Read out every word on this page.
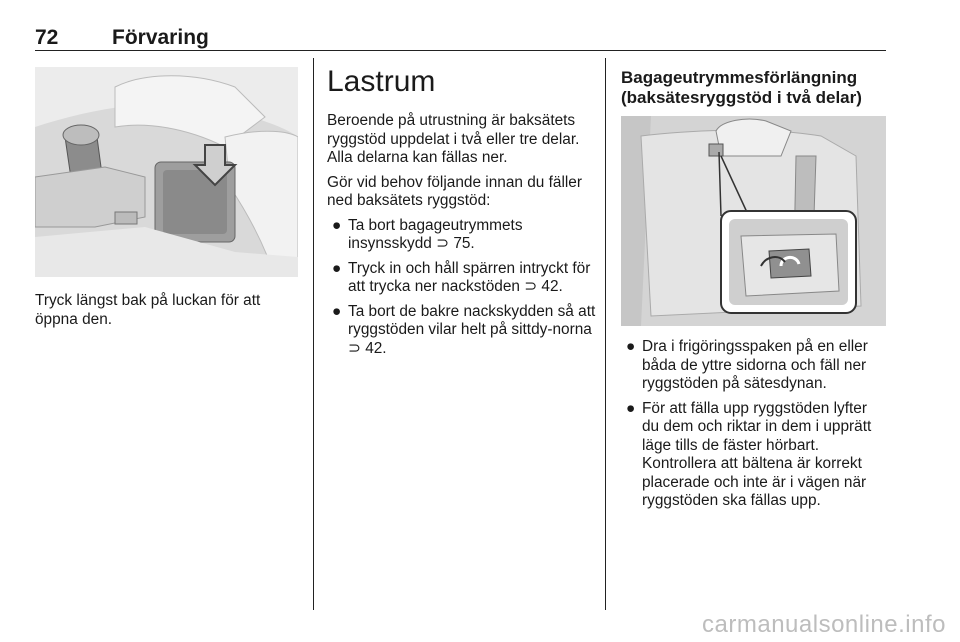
72	Förvaring

Tryck längst bak på luckan för att öppna den.

Lastrum

Beroende på utrustning är baksätets ryggstöd uppdelat i två eller tre delar. Alla delarna kan fällas ner.

Gör vid behov följande innan du fäller ned baksätets ryggstöd:

● Ta bort bagageutrymmets insynsskydd ⊃ 75.
● Tryck in och håll spärren intryckt för att trycka ner nackstöden ⊃ 42.
● Ta bort de bakre nackskydden så att ryggstöden vilar helt på sittdy-norna ⊃ 42.
Bagageutrymmesförlängning (baksätesryggstöd i två delar)
● Dra i frigöringsspaken på en eller båda de yttre sidorna och fäll ner ryggstöden på sätesdynan.
● För att fälla upp ryggstöden lyfter du dem och riktar in dem i upprätt läge tills de fäster hörbart.
Kontrollera att bältena är korrekt placerade och inte är i vägen när ryggstöden ska fällas upp.
carmanualsonline.info
